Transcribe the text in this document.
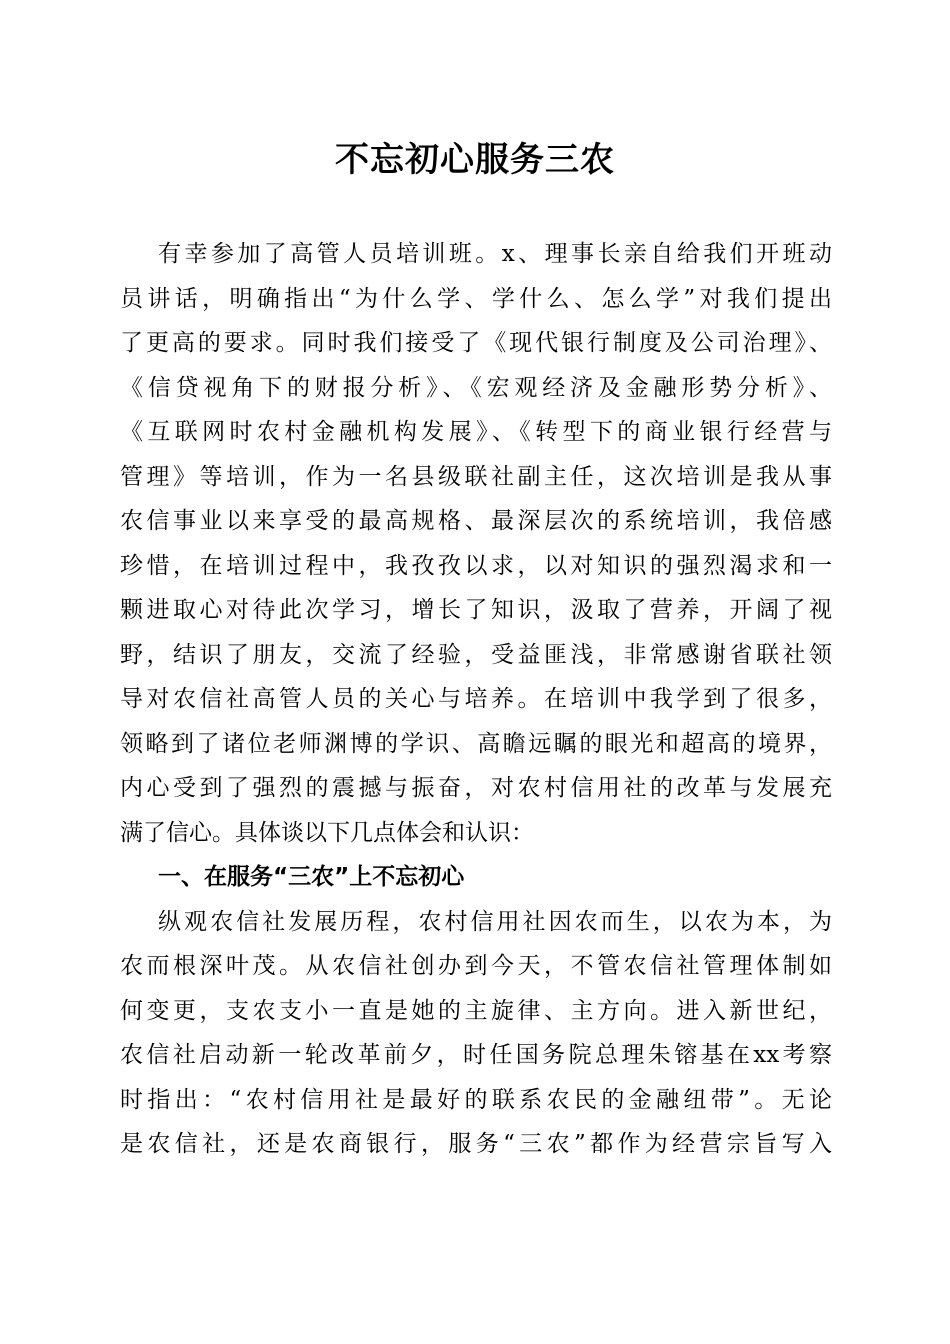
不忘初心服务三农
有幸参加了高管人员培训班。x、理事长亲自给我们开班动
员讲话，明确指出“为什么学、学什么、怎么学”对我们提出
了更高的要求。同时我们接受了《现代银行制度及公司治理》、
《信贷视角下的财报分析》、《宏观经济及金融形势分析》、
《互联网时农村金融机构发展》、《转型下的商业银行经营与
管理》等培训，作为一名县级联社副主任，这次培训是我从事
农信事业以来享受的最高规格、最深层次的系统培训，我倍感
珍惜，在培训过程中，我孜孜以求，以对知识的强烈渴求和一
颗进取心对待此次学习，增长了知识，汲取了营养，开阔了视
野，结识了朋友，交流了经验，受益匪浅，非常感谢省联社领
导对农信社高管人员的关心与培养。在培训中我学到了很多，
领略到了诸位老师渊博的学识、高瞻远瞩的眼光和超高的境界，
内心受到了强烈的震撼与振奋，对农村信用社的改革与发展充
满了信心。具体谈以下几点体会和认识：
一、在服务“三农”上不忘初心
纵观农信社发展历程，农村信用社因农而生，以农为本，为
农而根深叶茂。从农信社创办到今天，不管农信社管理体制如
何变更，支农支小一直是她的主旋律、主方向。进入新世纪，
农信社启动新一轮改革前夕，时任国务院总理朱镕基在xx考察
时指出：“农村信用社是最好的联系农民的金融纽带”。无论
是农信社，还是农商银行，服务“三农”都作为经营宗旨写入
